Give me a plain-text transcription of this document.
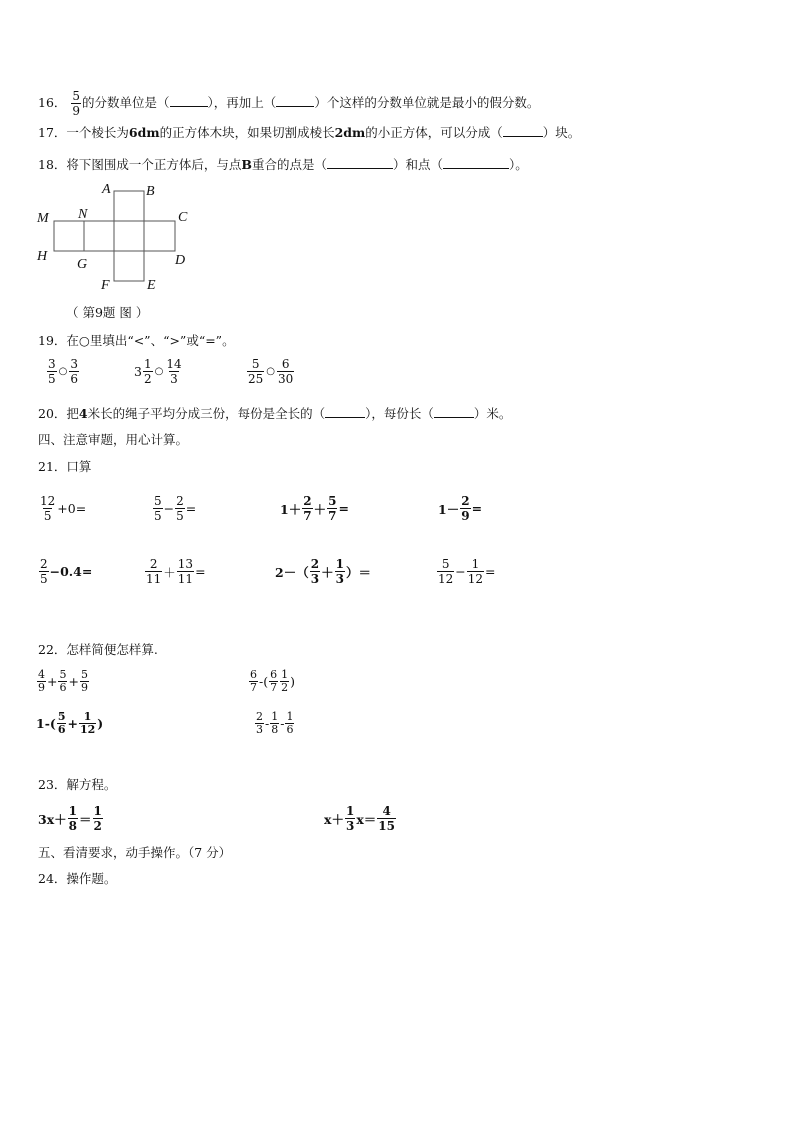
16． $\frac{5}{9}$ 的分数单位是（	），再加上（	）个这样的分数单位就是最小的假分数。
17．一个棱长为6dm的正方体木块，如果切割成棱长2dm的小正方体，可以分成（	）块。
18．将下图围成一个正方体后，与点B重合的点是（	）和点（	）。
A	B
M N	C
H
G	D
F	E
（ 第9题 图 ）
19．在○里填出“<”、“>”或“=”。
$\frac{3}{5}$ ○ $\frac{3}{6}$	$3 \frac{1}{2}$ ○ $\frac{14}{3}$	$\frac{5}{25}$ ○ $\frac{6}{30}$
20．把4米长的绳子平均分成三份，每份是全长的（	），每份长（	）米。
四、注意审题，用心计算。
21．口算
$\frac{12}{5} +0=$	$\frac{5}{5} - \frac{2}{5}$ =	$1+ \frac{2}{7} + \frac{5}{7}$ =	$1- \frac{2}{9}$ =
$\frac{2}{5} -0.4=$	$\frac{2}{11} + \frac{13}{11}$ =	$2-( \frac{2}{3} + \frac{1}{3}$ ）＝	$\frac{5}{12} - \frac{1}{12}$ =
22．怎样简便怎样算.
$\frac{4}{9} + \frac{5}{6} + \frac{5}{9}$	$\frac{6}{7}$ -( $\frac{6}{7} \frac{1}{2}$ )
$1-( \frac{5}{6} + \frac{1}{12}$ )	$\frac{2}{3} - \frac{1}{8} - \frac{1}{6}$
23．解方程。
$3x+ \frac{1}{8} = \frac{1}{2}$	$x+ \frac{1}{3} x= \frac{4}{15}$
五、看清要求，动手操作。（7 分）
24．操作题。
